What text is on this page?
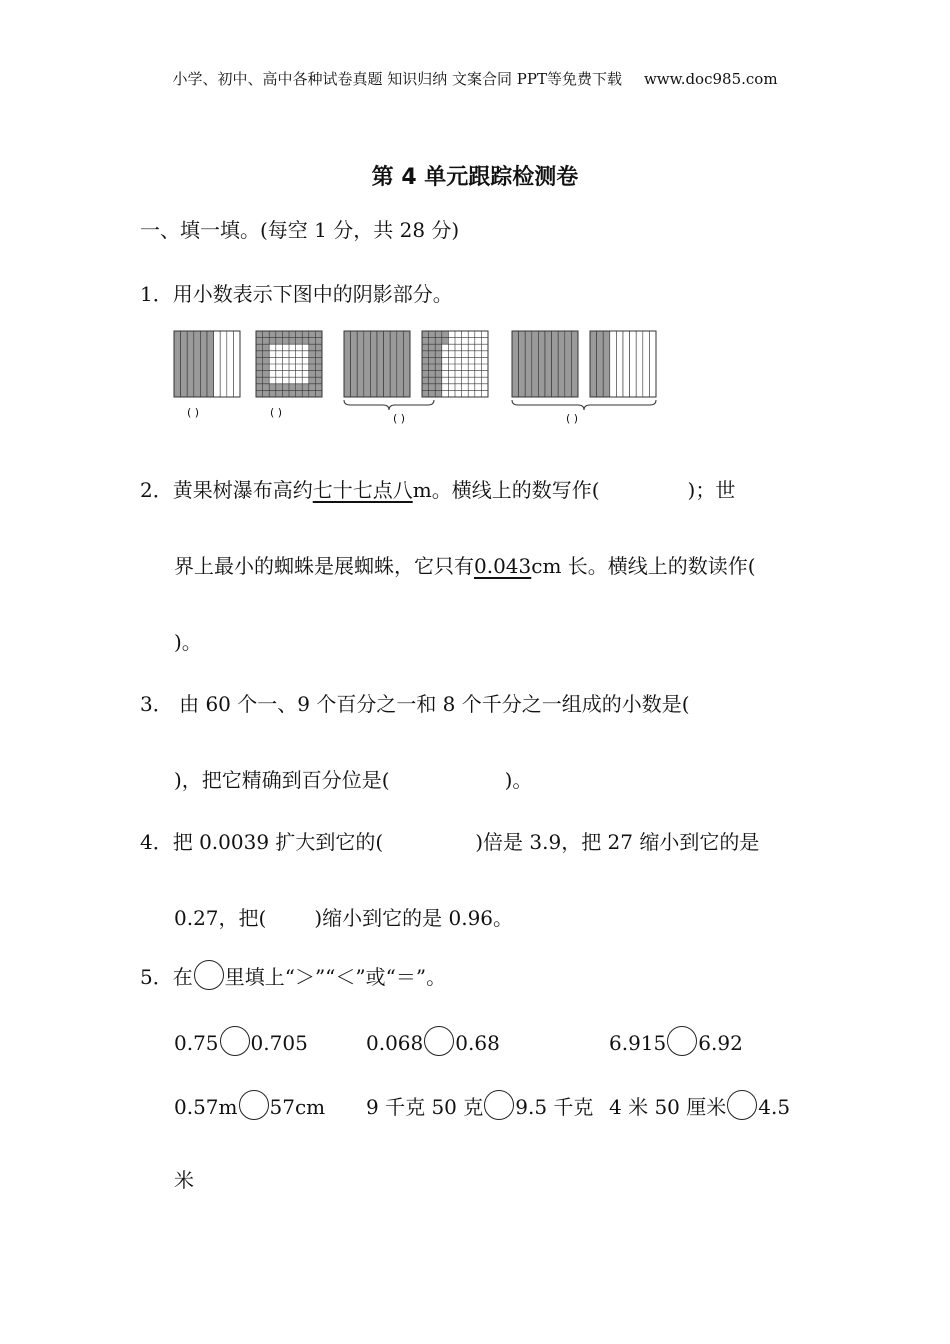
小学、初中、高中各种试卷真题 知识归纳 文案合同 PPT等免费下载 www.doc985.com
第 4 单元跟踪检测卷
一、填一填。(每空 1 分，共 28 分)
1．用小数表示下图中的阴影部分。
( )	( )	( )	( )
2．黄果树瀑布高约七十七点八m。横线上的数写作(	)；世
界上最小的蜘蛛是展蜘蛛，它只有0.043cm 长。横线上的数读作(
)。
3． 由 60 个一、9 个百分之一和 8 个千分之一组成的小数是(
)，把它精确到百分位是(	)。
4．把 0.0039 扩大到它的(	)倍是 3.9，把 27 缩小到它的是
0.27，把( )缩小到它的是 0.96。
5．在 里填上“＞”“＜”或“＝”。
0.75 0.705	0.068 0.68	6.915 6.92
0.57m 57cm 9 千克 50 克 9.5 千克 4 米 50 厘米 4.5
米
